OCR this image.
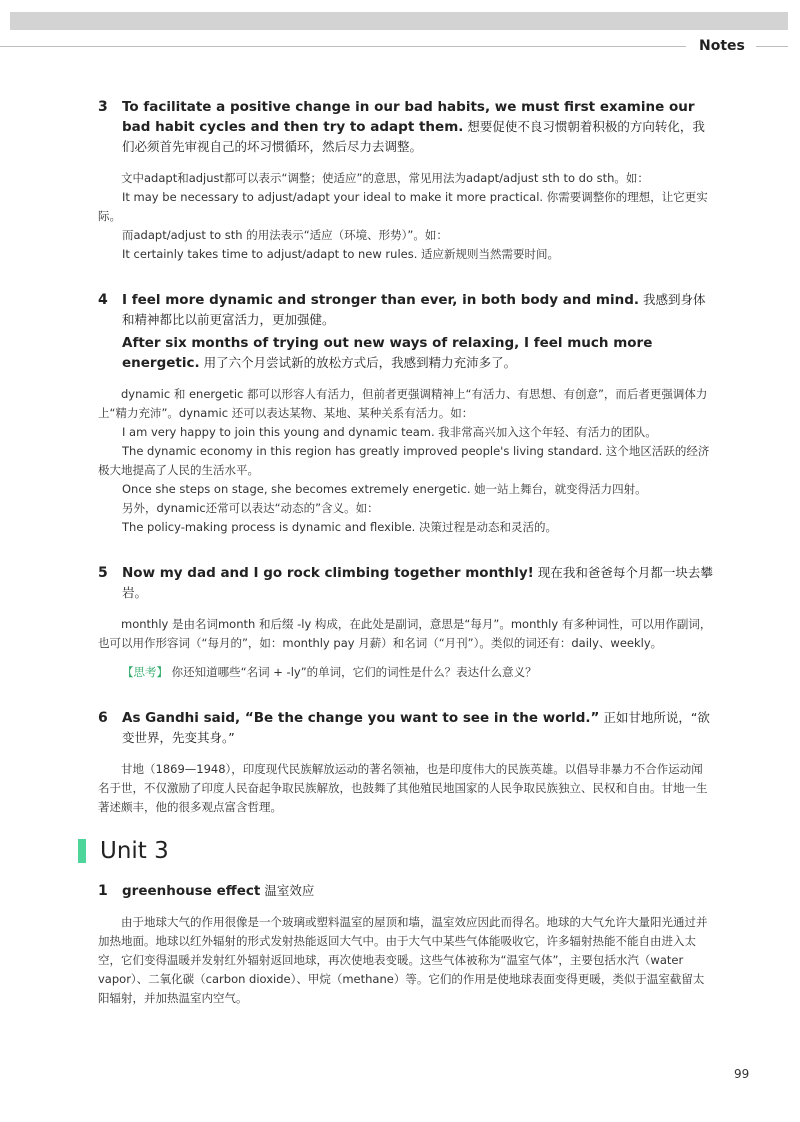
Notes
3 To facilitate a positive change in our bad habits, we must first examine our bad habit cycles and then try to adapt them. 想要促使不良习惯朝着积极的方向转化，我们必须首先审视自己的坏习惯循环，然后尽力去调整。

文中adapt和adjust都可以表示“调整；使适应”的意思，常见用法为adapt/adjust sth to do sth。如：

It may be necessary to adjust/adapt your ideal to make it more practical. 你需要调整你的理想，让它更实际。

而adapt/adjust to sth 的用法表示“适应（环境、形势）”。如：

It certainly takes time to adjust/adapt to new rules. 适应新规则当然需要时间。

4 I feel more dynamic and stronger than ever, in both body and mind. 我感到身体和精神都比以前更富活力，更加强健。
After six months of trying out new ways of relaxing, I feel much more energetic. 用了六个月尝试新的放松方式后，我感到精力充沛多了。

dynamic 和 energetic 都可以形容人有活力，但前者更强调精神上“有活力、有思想、有创意”，而后者更强调体力上“精力充沛”。dynamic 还可以表达某物、某地、某种关系有活力。如：

I am very happy to join this young and dynamic team. 我非常高兴加入这个年轻、有活力的团队。

The dynamic economy in this region has greatly improved people's living standard. 这个地区活跃的经济极大地提高了人民的生活水平。

Once she steps on stage, she becomes extremely energetic. 她一站上舞台，就变得活力四射。

另外，dynamic还常可以表达“动态的”含义。如：

The policy-making process is dynamic and flexible. 决策过程是动态和灵活的。

5 Now my dad and I go rock climbing together monthly! 现在我和爸爸每个月都一块去攀岩。

monthly 是由名词month 和后缀 -ly 构成，在此处是副词，意思是“每月”。monthly 有多种词性，可以用作副词，也可以用作形容词（“每月的”，如：monthly pay 月薪）和名词（“月刊”）。类似的词还有：daily、weekly。

【思考】 你还知道哪些“名词 + -ly”的单词，它们的词性是什么？表达什么意义？

6 As Gandhi said, “Be the change you want to see in the world.” 正如甘地所说，“欲变世界，先变其身。”

甘地（1869—1948），印度现代民族解放运动的著名领袖，也是印度伟大的民族英雄。以倡导非暴力不合作运动闻名于世，不仅激励了印度人民奋起争取民族解放，也鼓舞了其他殖民地国家的人民争取民族独立、民权和自由。甘地一生著述颇丰，他的很多观点富含哲理。

Unit 3
1 greenhouse effect 温室效应

由于地球大气的作用很像是一个玻璃或塑料温室的屋顶和墙，温室效应因此而得名。地球的大气允许大量阳光通过并加热地面。地球以红外辐射的形式发射热能返回大气中。由于大气中某些气体能吸收它，许多辐射热能不能自由进入太空，它们变得温暖并发射红外辐射返回地球，再次使地表变暖。这些气体被称为“温室气体”，主要包括水汽（water vapor）、二氧化碳（carbon dioxide）、甲烷（methane）等。它们的作用是使地球表面变得更暖，类似于温室截留太阳辐射，并加热温室内空气。

99
